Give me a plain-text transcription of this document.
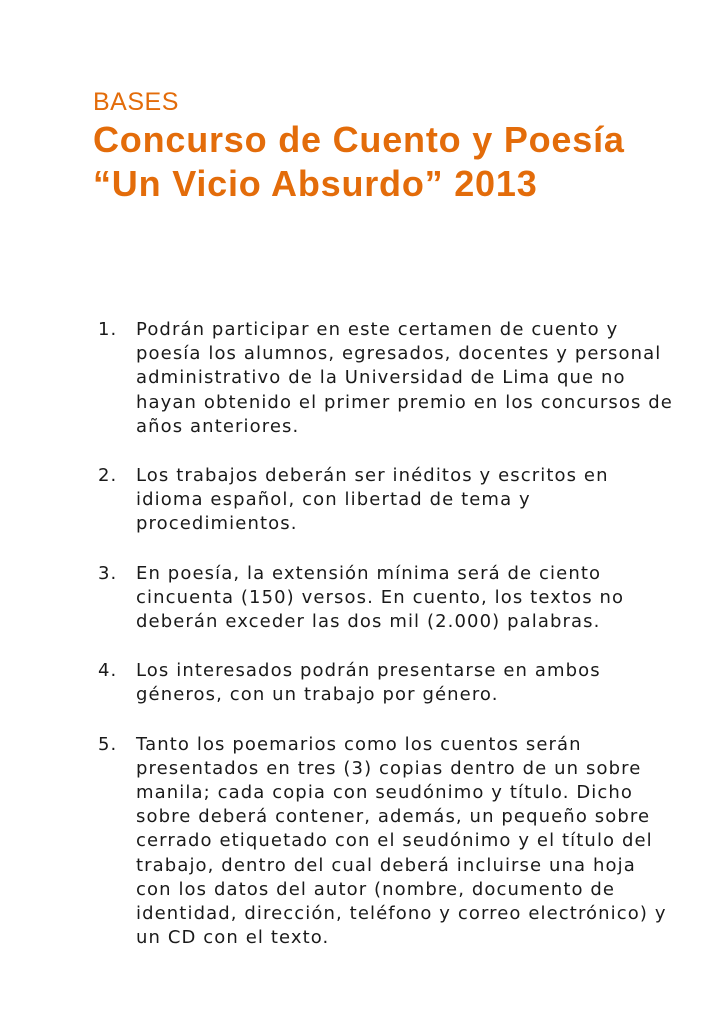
BASES
Concurso de Cuento y Poesía “Un Vicio Absurdo” 2013
1. Podrán participar en este certamen de cuento y poesía los alumnos, egresados, docentes y personal administrativo de la Universidad de Lima que no hayan obtenido el primer premio en los concursos de años anteriores.
2. Los trabajos deberán ser inéditos y escritos en idioma español, con libertad de tema y procedimientos.
3. En poesía, la extensión mínima será de ciento cincuenta (150) versos. En cuento, los textos no deberán exceder las dos mil (2.000) palabras.
4. Los interesados podrán presentarse en ambos géneros, con un trabajo por género.
5. Tanto los poemarios como los cuentos serán presentados en tres (3) copias dentro de un sobre manila; cada copia con seudónimo y título. Dicho sobre deberá contener, además, un pequeño sobre cerrado etiquetado con el seudónimo y el título del trabajo, dentro del cual deberá incluirse una hoja con los datos del autor (nombre, documento de identidad, dirección, teléfono y correo electrónico) y un CD con el texto.
